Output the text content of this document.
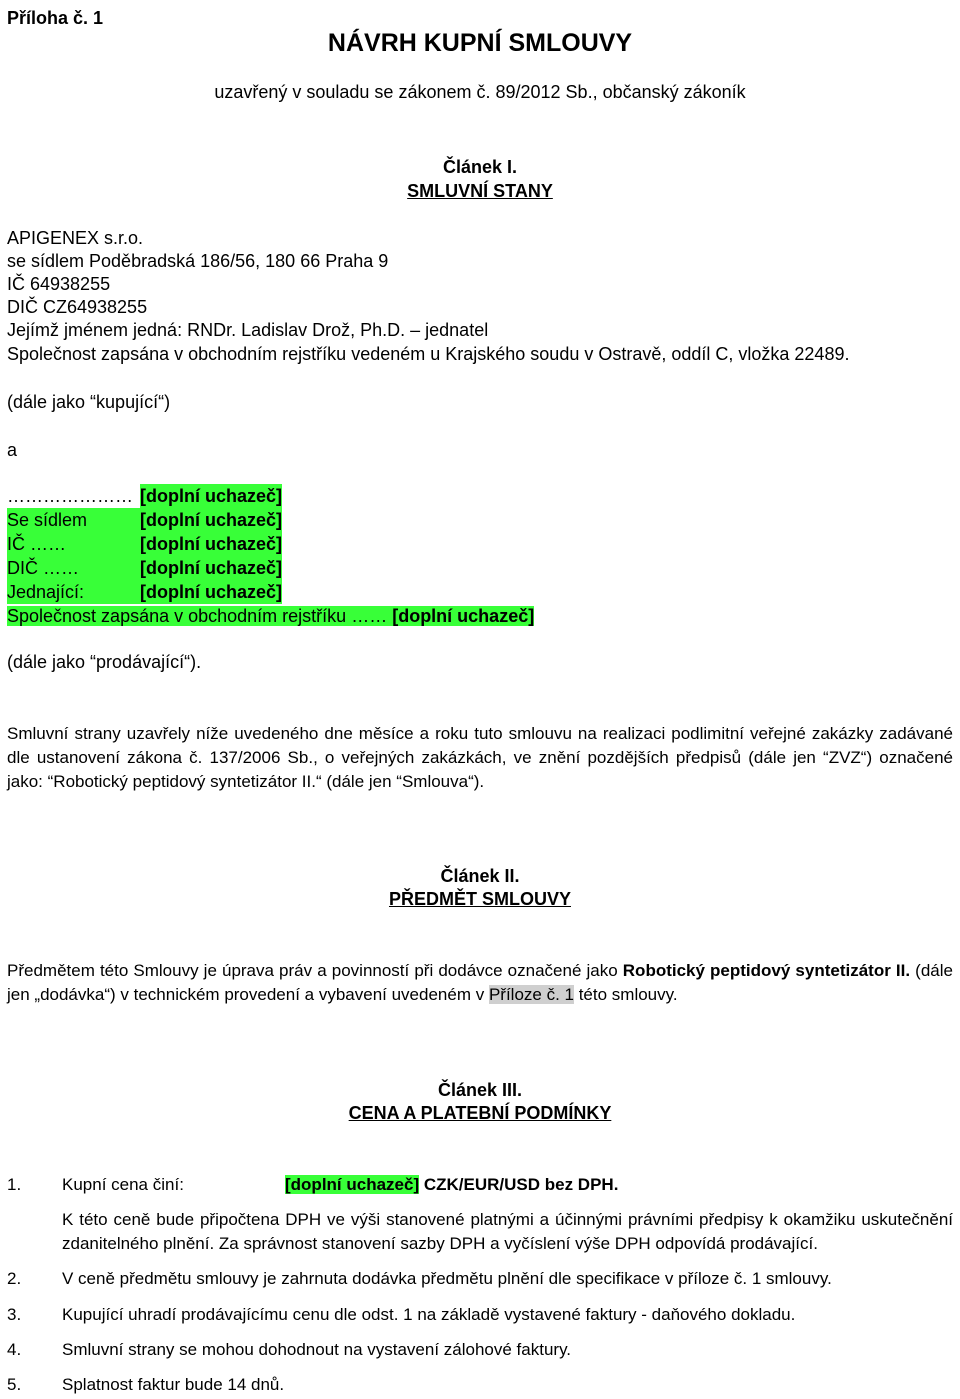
Příloha č. 1
NÁVRH KUPNÍ SMLOUVY
uzavřený v souladu se zákonem č. 89/2012 Sb., občanský zákoník
Článek I.
SMLUVNÍ STANY
APIGENEX s.r.o.
se sídlem Poděbradská 186/56, 180 66 Praha 9
IČ 64938255
DIČ CZ64938255
Jejímž jménem jedná: RNDr. Ladislav Drož, Ph.D. – jednatel
Společnost zapsána v obchodním rejstříku vedeném u Krajského soudu v Ostravě, oddíl C, vložka 22489.
(dále jako “kupující“)
a
………………… [doplní uchazeč]
Se sídlem	[doplní uchazeč]
IČ ……	[doplní uchazeč]
DIČ ……	[doplní uchazeč]
Jednající:	[doplní uchazeč]
Společnost zapsána v obchodním rejstříku …… [doplní uchazeč]
(dále jako “prodávající“).
Smluvní strany uzavřely níže uvedeného dne měsíce a roku tuto smlouvu na realizaci podlimitní veřejné zakázky zadávané dle ustanovení zákona č. 137/2006 Sb., o veřejných zakázkách, ve znění pozdějších předpisů (dále jen “ZVZ“) označené jako: “Robotický peptidový syntetizátor II.“ (dále jen “Smlouva“).
Článek II.
PŘEDMĚT SMLOUVY
Předmětem této Smlouvy je úprava práv a povinností při dodávce označené jako Robotický peptidový syntetizátor II. (dále jen „dodávka“) v technickém provedení a vybavení uvedeném v Příloze č. 1 této smlouvy.
Článek III.
CENA A PLATEBNÍ PODMÍNKY
1. Kupní cena činí:	[doplní uchazeč] CZK/EUR/USD bez DPH.
K této ceně bude připočtena DPH ve výši stanovené platnými a účinnými právními předpisy k okamžiku uskutečnění zdanitelného plnění. Za správnost stanovení sazby DPH a vyčíslení výše DPH odpovídá prodávající.
2. V ceně předmětu smlouvy je zahrnuta dodávka předmětu plnění dle specifikace v příloze č. 1 smlouvy.
3. Kupující uhradí prodávajícímu cenu dle odst. 1 na základě vystavené faktury - daňového dokladu.
4. Smluvní strany se mohou dohodnout na vystavení zálohové faktury.
5. Splatnost faktur bude 14 dnů.
